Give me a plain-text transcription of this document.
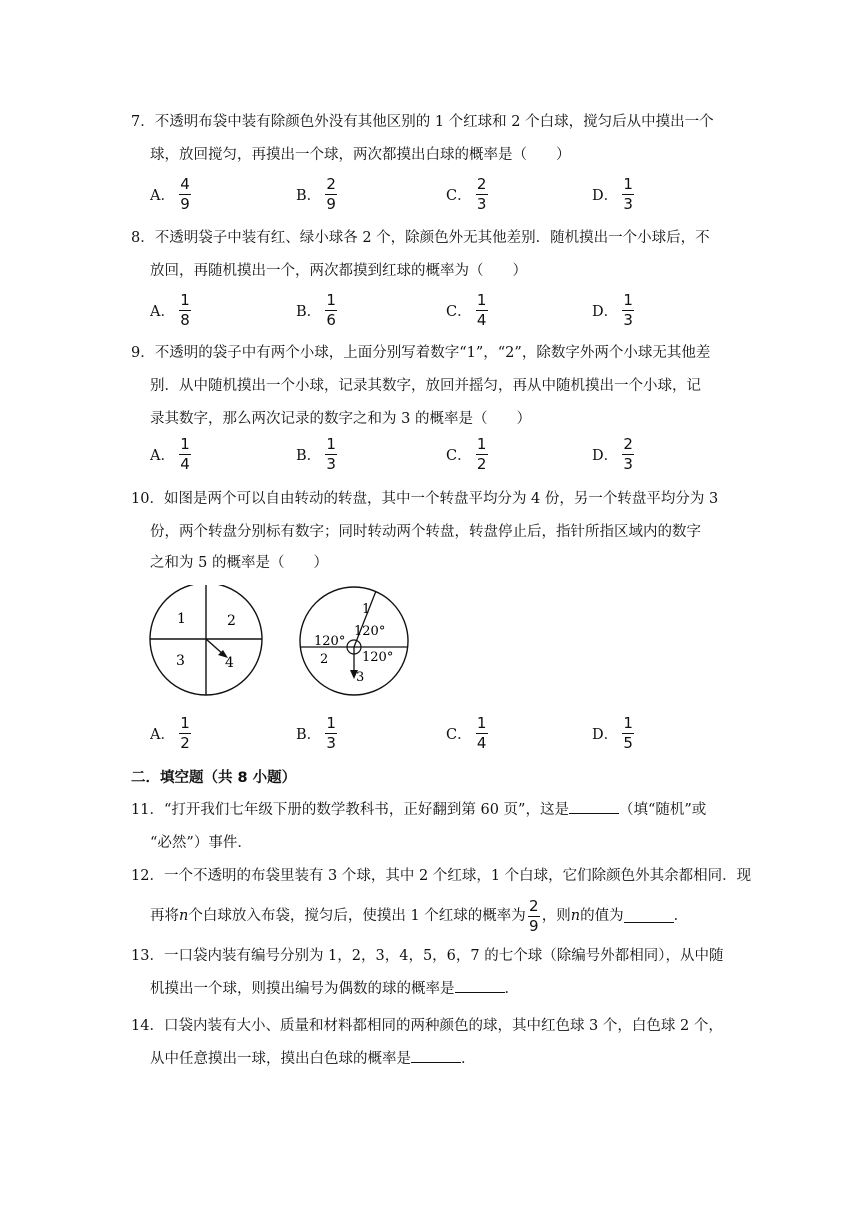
7．不透明布袋中装有除颜色外没有其他区别的 1 个红球和 2 个白球，搅匀后从中摸出一个
球，放回搅匀，再摸出一个球，两次都摸出白球的概率是（　　）
A． $\frac{4}{9}$	B． $\frac{2}{9}$	C． $\frac{2}{3}$	D． $\frac{1}{3}$
8．不透明袋子中装有红、绿小球各 2 个，除颜色外无其他差别．随机摸出一个小球后，不
放回，再随机摸出一个，两次都摸到红球的概率为（　　）
A． $\frac{1}{8}$	B． $\frac{1}{6}$	C． $\frac{1}{4}$	D． $\frac{1}{3}$
9．不透明的袋子中有两个小球，上面分别写着数字“1”，“2”，除数字外两个小球无其他差
别．从中随机摸出一个小球，记录其数字，放回并摇匀，再从中随机摸出一个小球，记
录其数字，那么两次记录的数字之和为 3 的概率是（　　）
A． $\frac{1}{4}$	B． $\frac{1}{3}$	C． $\frac{1}{2}$	D． $\frac{2}{3}$
10．如图是两个可以自由转动的转盘，其中一个转盘平均分为 4 份，另一个转盘平均分为 3
份，两个转盘分别标有数字；同时转动两个转盘，转盘停止后，指针所指区域内的数字
之和为 5 的概率是（　　）
1	2
3	4
1
120°
120°
2	120°
3
A． $\frac{1}{2}$	B． $\frac{1}{3}$	C． $\frac{1}{4}$	D． $\frac{1}{5}$
二．填空题（共 8 小题）
11．“打开我们七年级下册的数学教科书，正好翻到第 60 页”，这是	（填“随机”或
“必然”）事件．
12．一个不透明的布袋里装有 3 个球，其中 2 个红球，1 个白球，它们除颜色外其余都相同．现
再将 n 个白球放入布袋，搅匀后，使摸出 1 个红球的概率为 $\frac{2}{9}$ ，则 n 的值为	．
13．一口袋内装有编号分别为 1，2，3，4，5，6，7 的七个球（除编号外都相同），从中随
机摸出一个球，则摸出编号为偶数的球的概率是	．
14．口袋内装有大小、质量和材料都相同的两种颜色的球，其中红色球 3 个，白色球 2 个，
从中任意摸出一球，摸出白色球的概率是	．
